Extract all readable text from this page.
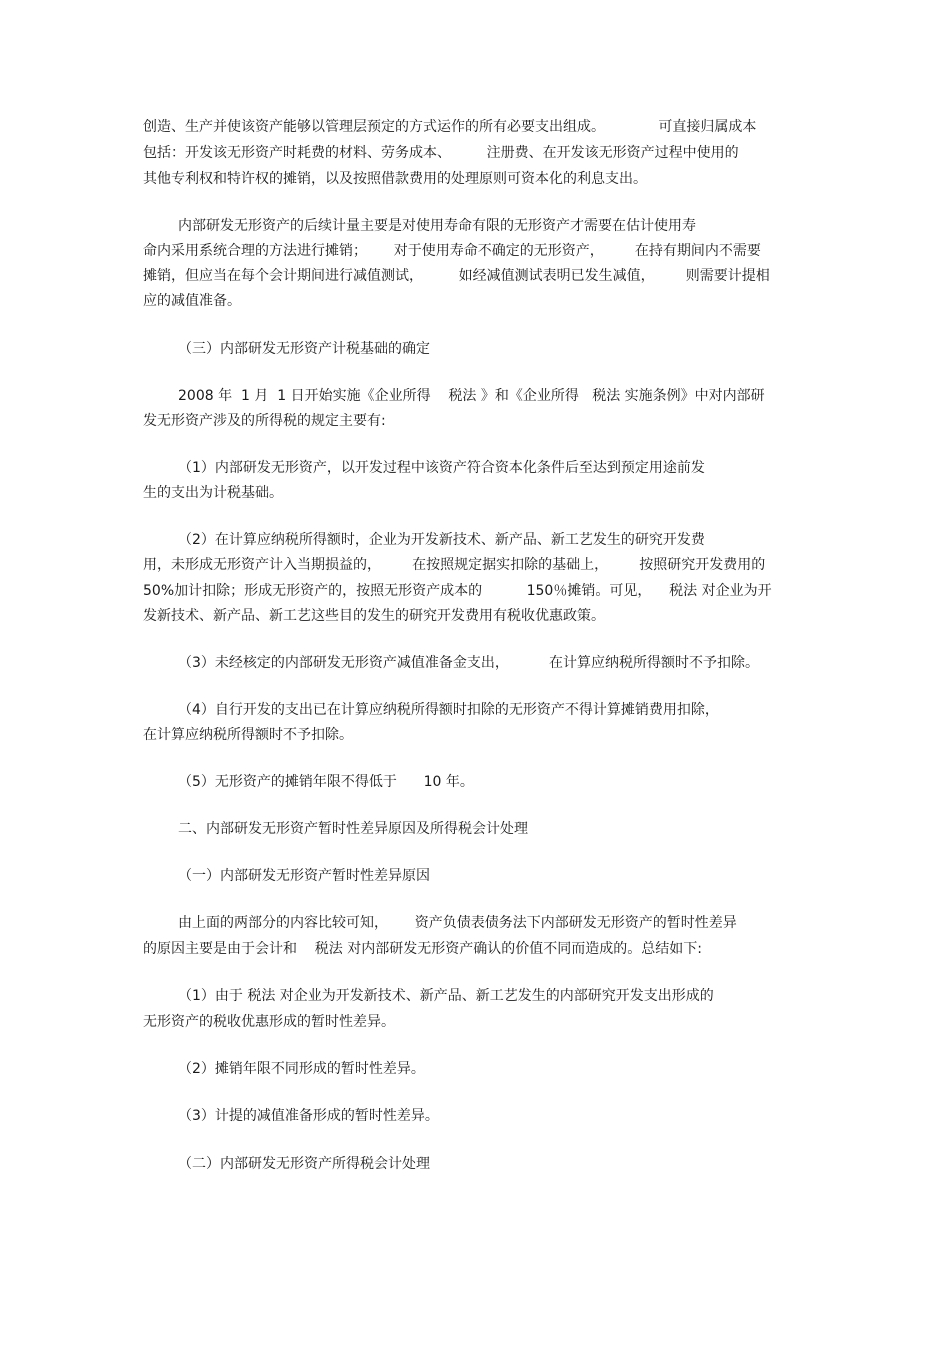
创造、生产并使该资产能够以管理层预定的方式运作的所有必要支出组成。            可直接归属成本
包括：开发该无形资产时耗费的材料、劳务成本、        注册费、在开发该无形资产过程中使用的
其他专利权和特许权的摊销，以及按照借款费用的处理原则可资本化的利息支出。
内部研发无形资产的后续计量主要是对使用寿命有限的无形资产才需要在估计使用寿
命内采用系统合理的方法进行摊销；      对于使用寿命不确定的无形资产，       在持有期间内不需要
摊销，但应当在每个会计期间进行减值测试，        如经减值测试表明已发生减值，       则需要计提相
应的减值准备。
（三）内部研发无形资产计税基础的确定
2008 年  1 月  1 日开始实施《企业所得    税法 》和《企业所得   税法 实施条例》中对内部研
发无形资产涉及的所得税的规定主要有:
（1）内部研发无形资产，以开发过程中该资产符合资本化条件后至达到预定用途前发
生的支出为计税基础。
（2）在计算应纳税所得额时，企业为开发新技术、新产品、新工艺发生的研究开发费
用，未形成无形资产计入当期损益的，       在按照规定据实扣除的基础上，       按照研究开发费用的
50%加计扣除；形成无形资产的，按照无形资产成本的          150％摊销。可见，    税法 对企业为开
发新技术、新产品、新工艺这些目的发生的研究开发费用有税收优惠政策。
（3）未经核定的内部研发无形资产减值准备金支出，         在计算应纳税所得额时不予扣除。
（4）自行开发的支出已在计算应纳税所得额时扣除的无形资产不得计算摊销费用扣除，
在计算应纳税所得额时不予扣除。
（5）无形资产的摊销年限不得低于      10 年。
二、内部研发无形资产暂时性差异原因及所得税会计处理
（一）内部研发无形资产暂时性差异原因
由上面的两部分的内容比较可知，      资产负债表债务法下内部研发无形资产的暂时性差异
的原因主要是由于会计和    税法 对内部研发无形资产确认的价值不同而造成的。总结如下:
（1）由于 税法 对企业为开发新技术、新产品、新工艺发生的内部研究开发支出形成的
无形资产的税收优惠形成的暂时性差异。
（2）摊销年限不同形成的暂时性差异。
（3）计提的减值准备形成的暂时性差异。
（二）内部研发无形资产所得税会计处理
